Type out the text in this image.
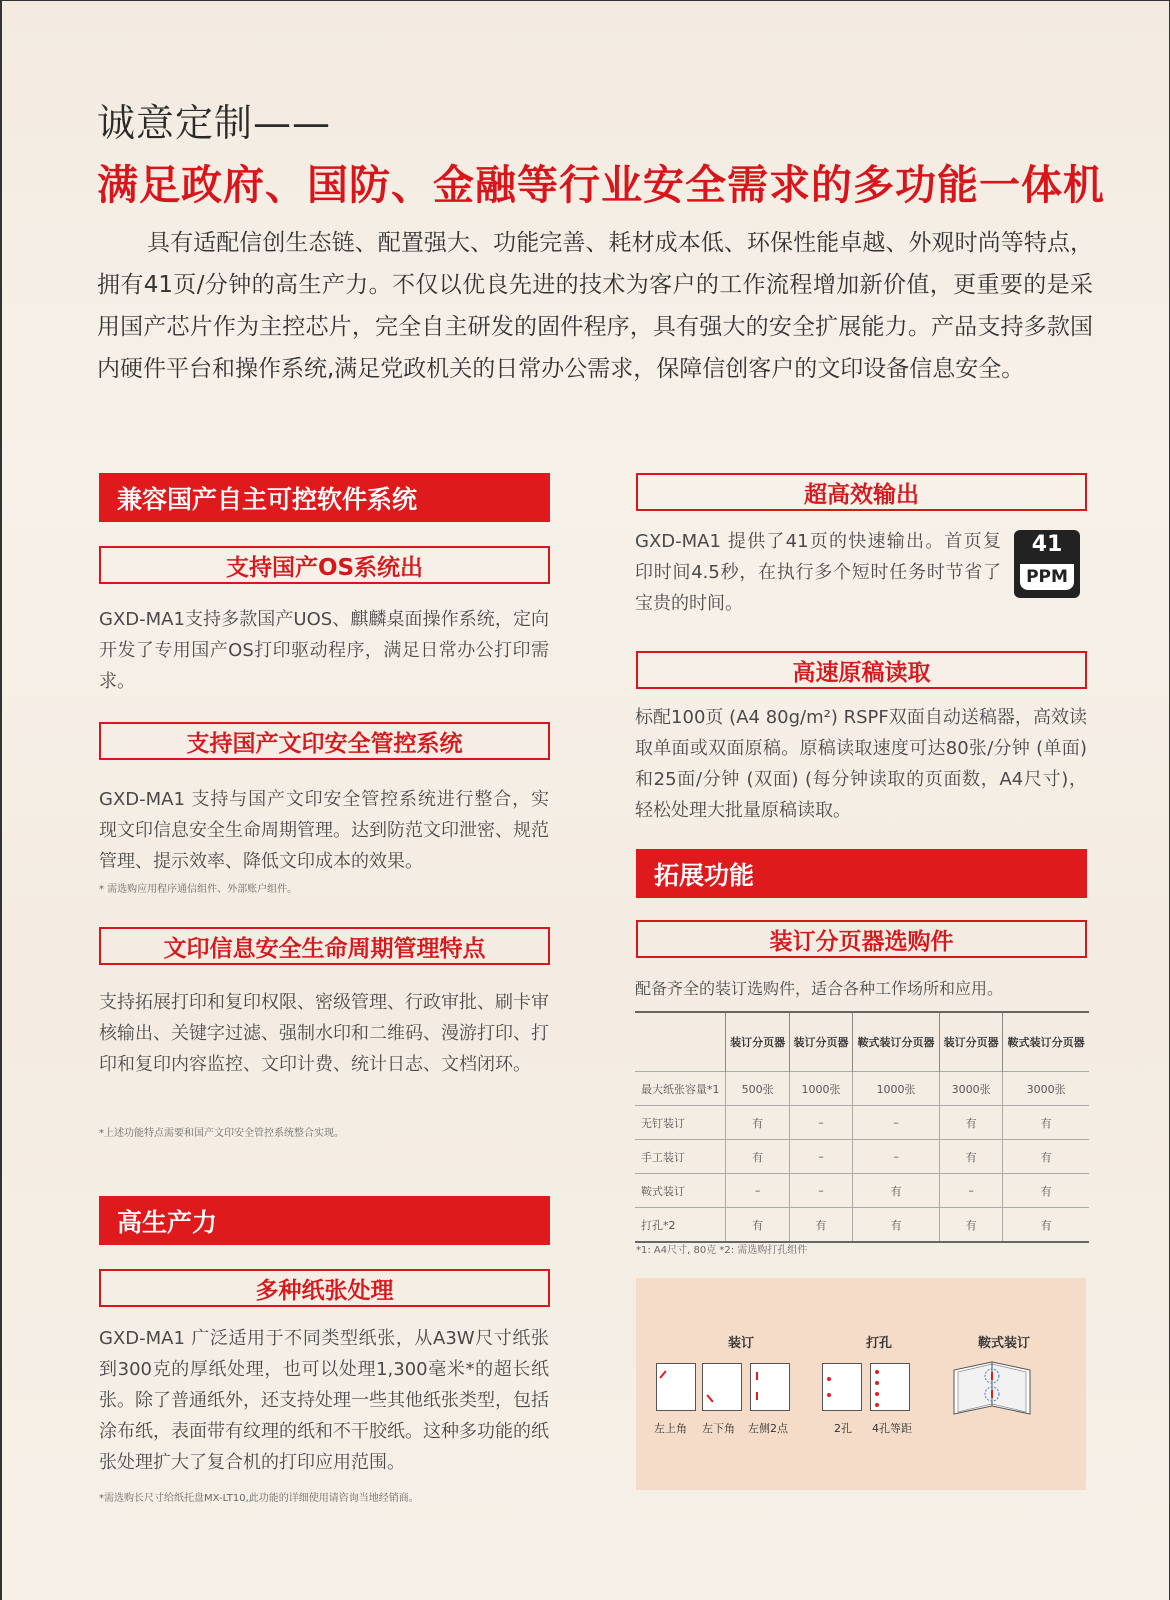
诚意定制——
满足政府、国防、金融等行业安全需求的多功能一体机
具有适配信创生态链、配置强大、功能完善、耗材成本低、环保性能卓越、外观时尚等特点，拥有41页/分钟的高生产力。不仅以优良先进的技术为客户的工作流程增加新价值，更重要的是采用国产芯片作为主控芯片，完全自主研发的固件程序，具有强大的安全扩展能力。产品支持多款国内硬件平台和操作系统,满足党政机关的日常办公需求，保障信创客户的文印设备信息安全。
兼容国产自主可控软件系统
支持国产OS系统出
GXD-MA1支持多款国产UOS、麒麟桌面操作系统，定向开发了专用国产OS打印驱动程序，满足日常办公打印需求。
支持国产文印安全管控系统
GXD-MA1 支持与国产文印安全管控系统进行整合，实现文印信息安全生命周期管理。达到防范文印泄密、规范管理、提示效率、降低文印成本的效果。
* 需选购应用程序通信组件、外部账户组件。
文印信息安全生命周期管理特点
支持拓展打印和复印权限、密级管理、行政审批、刷卡审核输出、关键字过滤、强制水印和二维码、漫游打印、打印和复印内容监控、文印计费、统计日志、文档闭环。
*上述功能特点需要和国产文印安全管控系统整合实现。
高生产力
多种纸张处理
GXD-MA1 广泛适用于不同类型纸张，从A3W尺寸纸张到300克的厚纸处理，也可以处理1,300毫米*的超长纸张。除了普通纸外，还支持处理一些其他纸张类型，包括涂布纸，表面带有纹理的纸和不干胶纸。这种多功能的纸张处理扩大了复合机的打印应用范围。
*需选购长尺寸给纸托盘MX-LT10,此功能的详细使用请咨询当地经销商。
超高效输出
GXD-MA1 提供了41页的快速输出。首页复印时间4.5秒，在执行多个短时任务时节省了宝贵的时间。
41
PPM
高速原稿读取
标配100页 (A4 80g/m²) RSPF双面自动送稿器，高效读取单面或双面原稿。原稿读取速度可达80张/分钟 (单面) 和25面/分钟 (双面) (每分钟读取的页面数，A4尺寸)，轻松处理大批量原稿读取。
拓展功能
装订分页器选购件
配备齐全的装订选购件，适合各种工作场所和应用。
	装订分页器	装订分页器	鞍式装订分页器	装订分页器	鞍式装订分页器
最大纸张容量*1	500张	1000张	1000张	3000张	3000张
无钉装订	有	–	–	有	有
手工装订	有	–	–	有	有
鞍式装订	–	–	有	–	有
打孔*2	有	有	有	有	有
*1: A4尺寸, 80克 *2: 需选购打孔组件
装订	打孔	鞍式装订
左上角 左下角 左侧2点	2孔 4孔等距
